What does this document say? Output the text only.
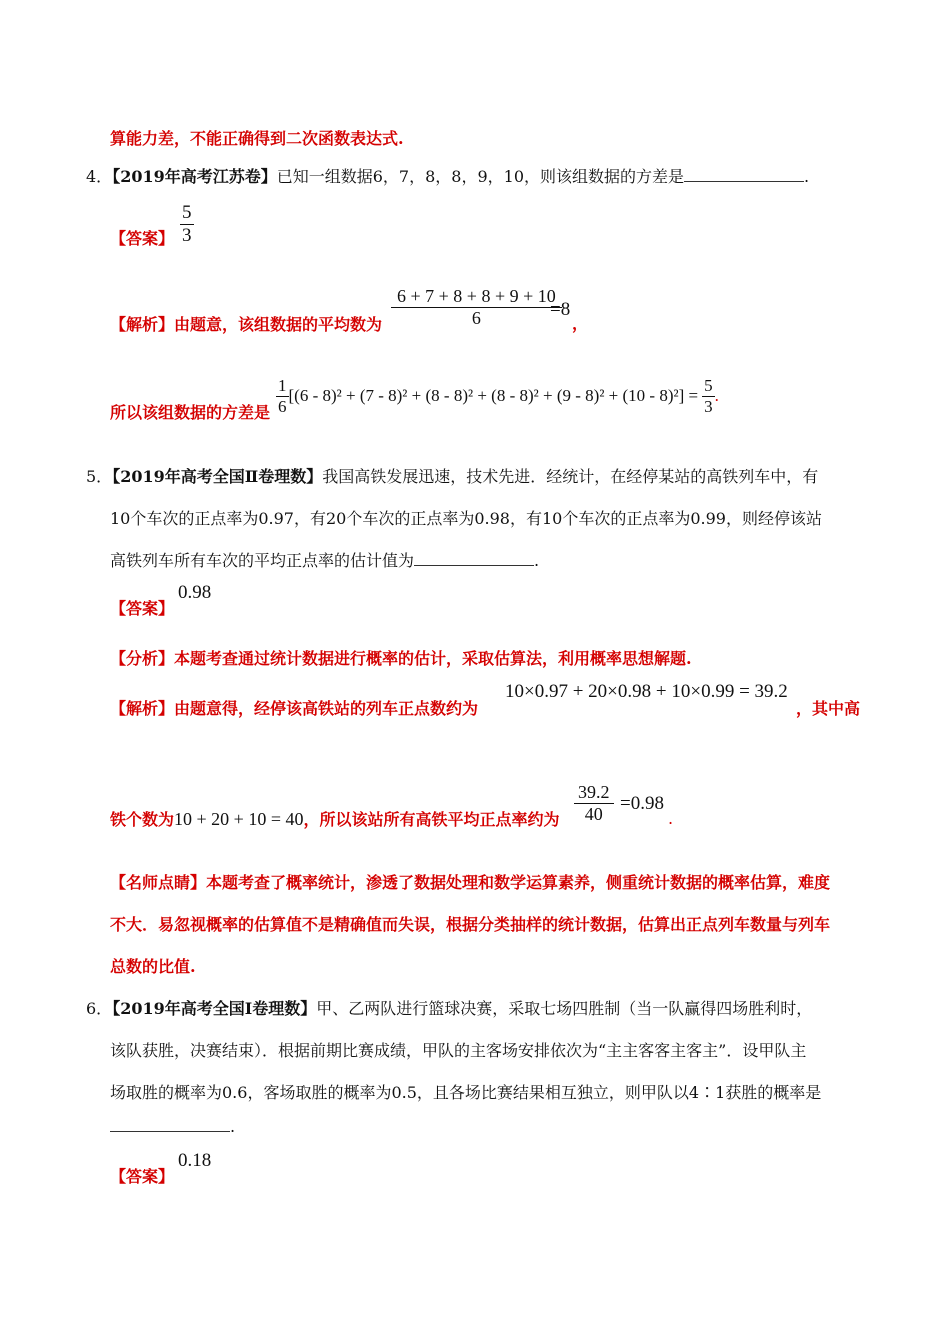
算能力差，不能正确得到二次函数表达式.
4．【2019年高考江苏卷】已知一组数据6，7，8，8，9，10，则该组数据的方差是	.
【答案】 $\frac{5}{3}$
【解析】由题意，该组数据的平均数为 $\frac{6 + 7 + 8 + 8 + 9 + 10}{6}$
=8
，
所以该组数据的方差是 $\frac{1}{6} [(6 - 8)^2 + (7 - 8)^2 + (8 - 8)^2 + (8 - 8)^2 + (9 - 8)^2 + (10 - 8)^2] = \frac{5}{3}$ .
5．【2019年高考全国Ⅱ卷理数】我国高铁发展迅速，技术先进．经统计，在经停某站的高铁列车中，有
10个车次的正点率为0.97，有20个车次的正点率为0.98，有10个车次的正点率为0.99，则经停该站
高铁列车所有车次的平均正点率的估计值为	.
【答案】
0.98
【分析】本题考查通过统计数据进行概率的估计，采取估算法，利用概率思想解题.
【解析】由题意得，经停该高铁站的列车正点数约为
10×0.97 + 20×0.98 + 10×0.99 = 39.2
，其中高
铁个数为10 + 20 + 10 = 40，所以该站所有高铁平均正点率约为 $\frac{39.2}{40} =0.98$
.
【名师点睛】本题考查了概率统计，渗透了数据处理和数学运算素养，侧重统计数据的概率估算，难度
不大．易忽视概率的估算值不是精确值而失误，根据分类抽样的统计数据，估算出正点列车数量与列车
总数的比值.
6．【2019年高考全国Ⅰ卷理数】甲、乙两队进行篮球决赛，采取七场四胜制（当一队赢得四场胜利时，
该队获胜，决赛结束）．根据前期比赛成绩，甲队的主客场安排依次为“主主客客主客主”．设甲队主
场取胜的概率为0.6，客场取胜的概率为0.5，且各场比赛结果相互独立，则甲队以4∶1获胜的概率是
.
【答案】
0.18
